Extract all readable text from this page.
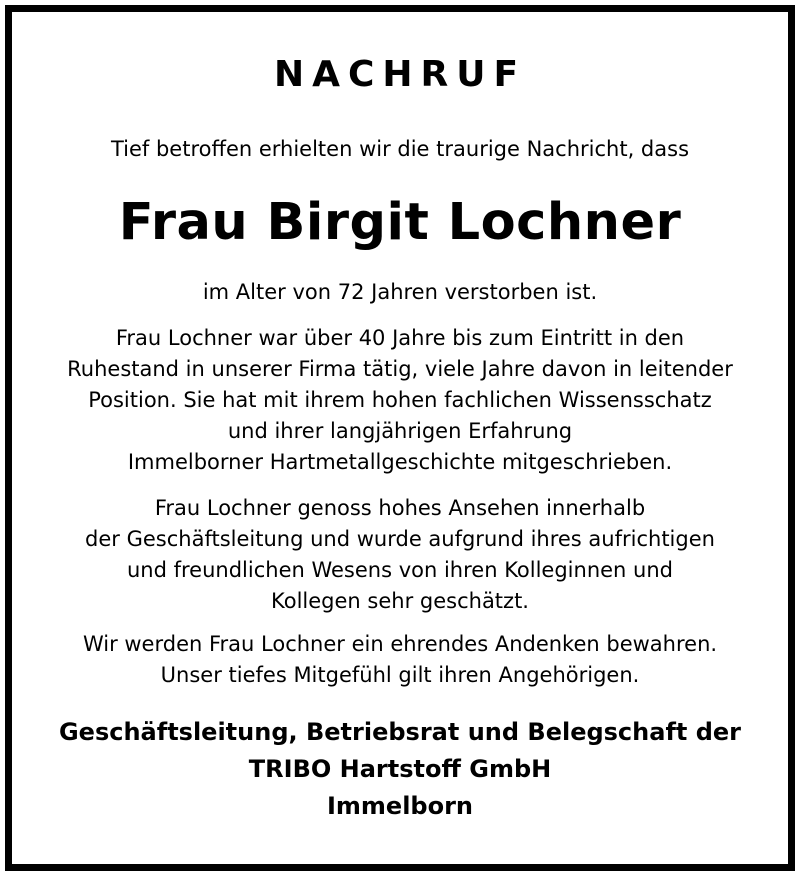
NACHRUF
Tief betroffen erhielten wir die traurige Nachricht, dass
Frau Birgit Lochner
im Alter von 72 Jahren verstorben ist.
Frau Lochner war über 40 Jahre bis zum Eintritt in den
Ruhestand in unserer Firma tätig, viele Jahre davon in leitender
Position. Sie hat mit ihrem hohen fachlichen Wissensschatz
und ihrer langjährigen Erfahrung
Immelborner Hartmetallgeschichte mitgeschrieben.
Frau Lochner genoss hohes Ansehen innerhalb
der Geschäftsleitung und wurde aufgrund ihres aufrichtigen
und freundlichen Wesens von ihren Kolleginnen und
Kollegen sehr geschätzt.
Wir werden Frau Lochner ein ehrendes Andenken bewahren.
Unser tiefes Mitgefühl gilt ihren Angehörigen.
Geschäftsleitung, Betriebsrat und Belegschaft der
TRIBO Hartstoff GmbH
Immelborn
